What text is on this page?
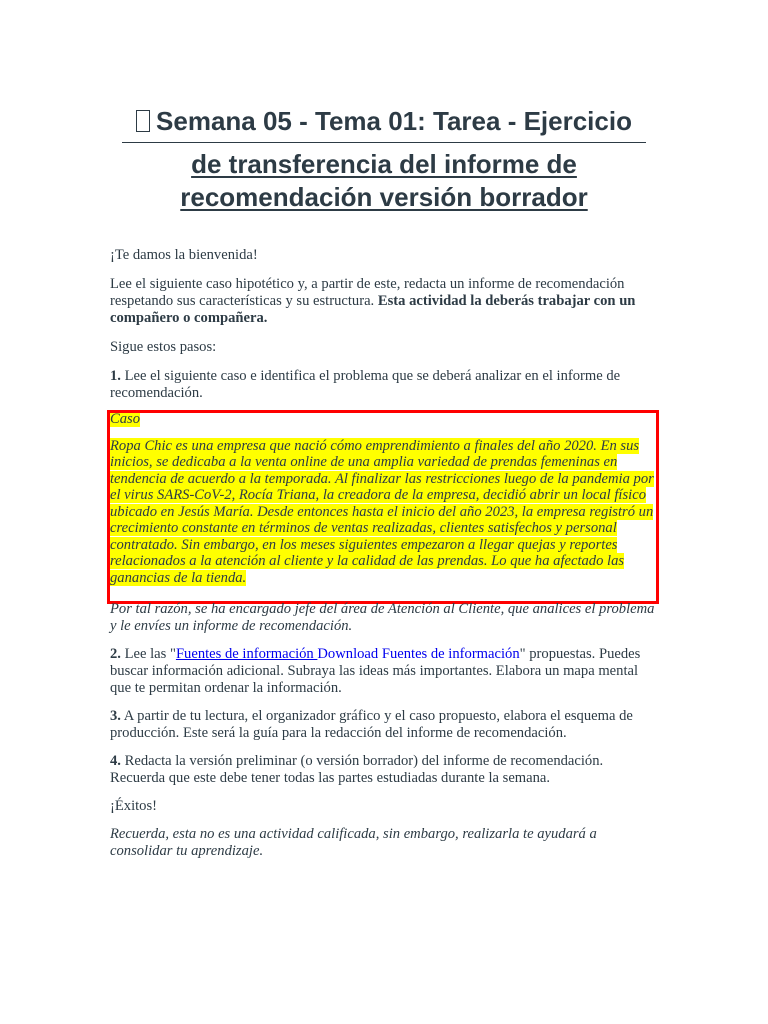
Semana 05 - Tema 01: Tarea - Ejercicio
de transferencia del informe de
recomendación versión borrador

¡Te damos la bienvenida!

Lee el siguiente caso hipotético y, a partir de este, redacta un informe de recomendación respetando sus características y su estructura. Esta actividad la deberás trabajar con un compañero o compañera.

Sigue estos pasos:

1. Lee el siguiente caso e identifica el problema que se deberá analizar en el informe de recomendación.

Caso

Ropa Chic es una empresa que nació cómo emprendimiento a finales del año 2020. En sus inicios, se dedicaba a la venta online de una amplia variedad de prendas femeninas en tendencia de acuerdo a la temporada. Al finalizar las restricciones luego de la pandemia por el virus SARS-CoV-2, Rocía Triana, la creadora de la empresa, decidió abrir un local físico ubicado en Jesús María. Desde entonces hasta el inicio del año 2023, la empresa registró un crecimiento constante en términos de ventas realizadas, clientes satisfechos y personal contratado. Sin embargo, en los meses siguientes empezaron a llegar quejas y reportes relacionados a la atención al cliente y la calidad de las prendas. Lo que ha afectado las ganancias de la tienda.

Por tal razón, se ha encargado jefe del área de Atención al Cliente, que analices el problema y le envíes un informe de recomendación.

2. Lee las "Fuentes de información Download Fuentes de información" propuestas. Puedes buscar información adicional. Subraya las ideas más importantes. Elabora un mapa mental que te permitan ordenar la información.

3. A partir de tu lectura, el organizador gráfico y el caso propuesto, elabora el esquema de producción. Este será la guía para la redacción del informe de recomendación.

4. Redacta la versión preliminar (o versión borrador) del informe de recomendación. Recuerda que este debe tener todas las partes estudiadas durante la semana.

¡Éxitos!

Recuerda, esta no es una actividad calificada, sin embargo, realizarla te ayudará a consolidar tu aprendizaje.
